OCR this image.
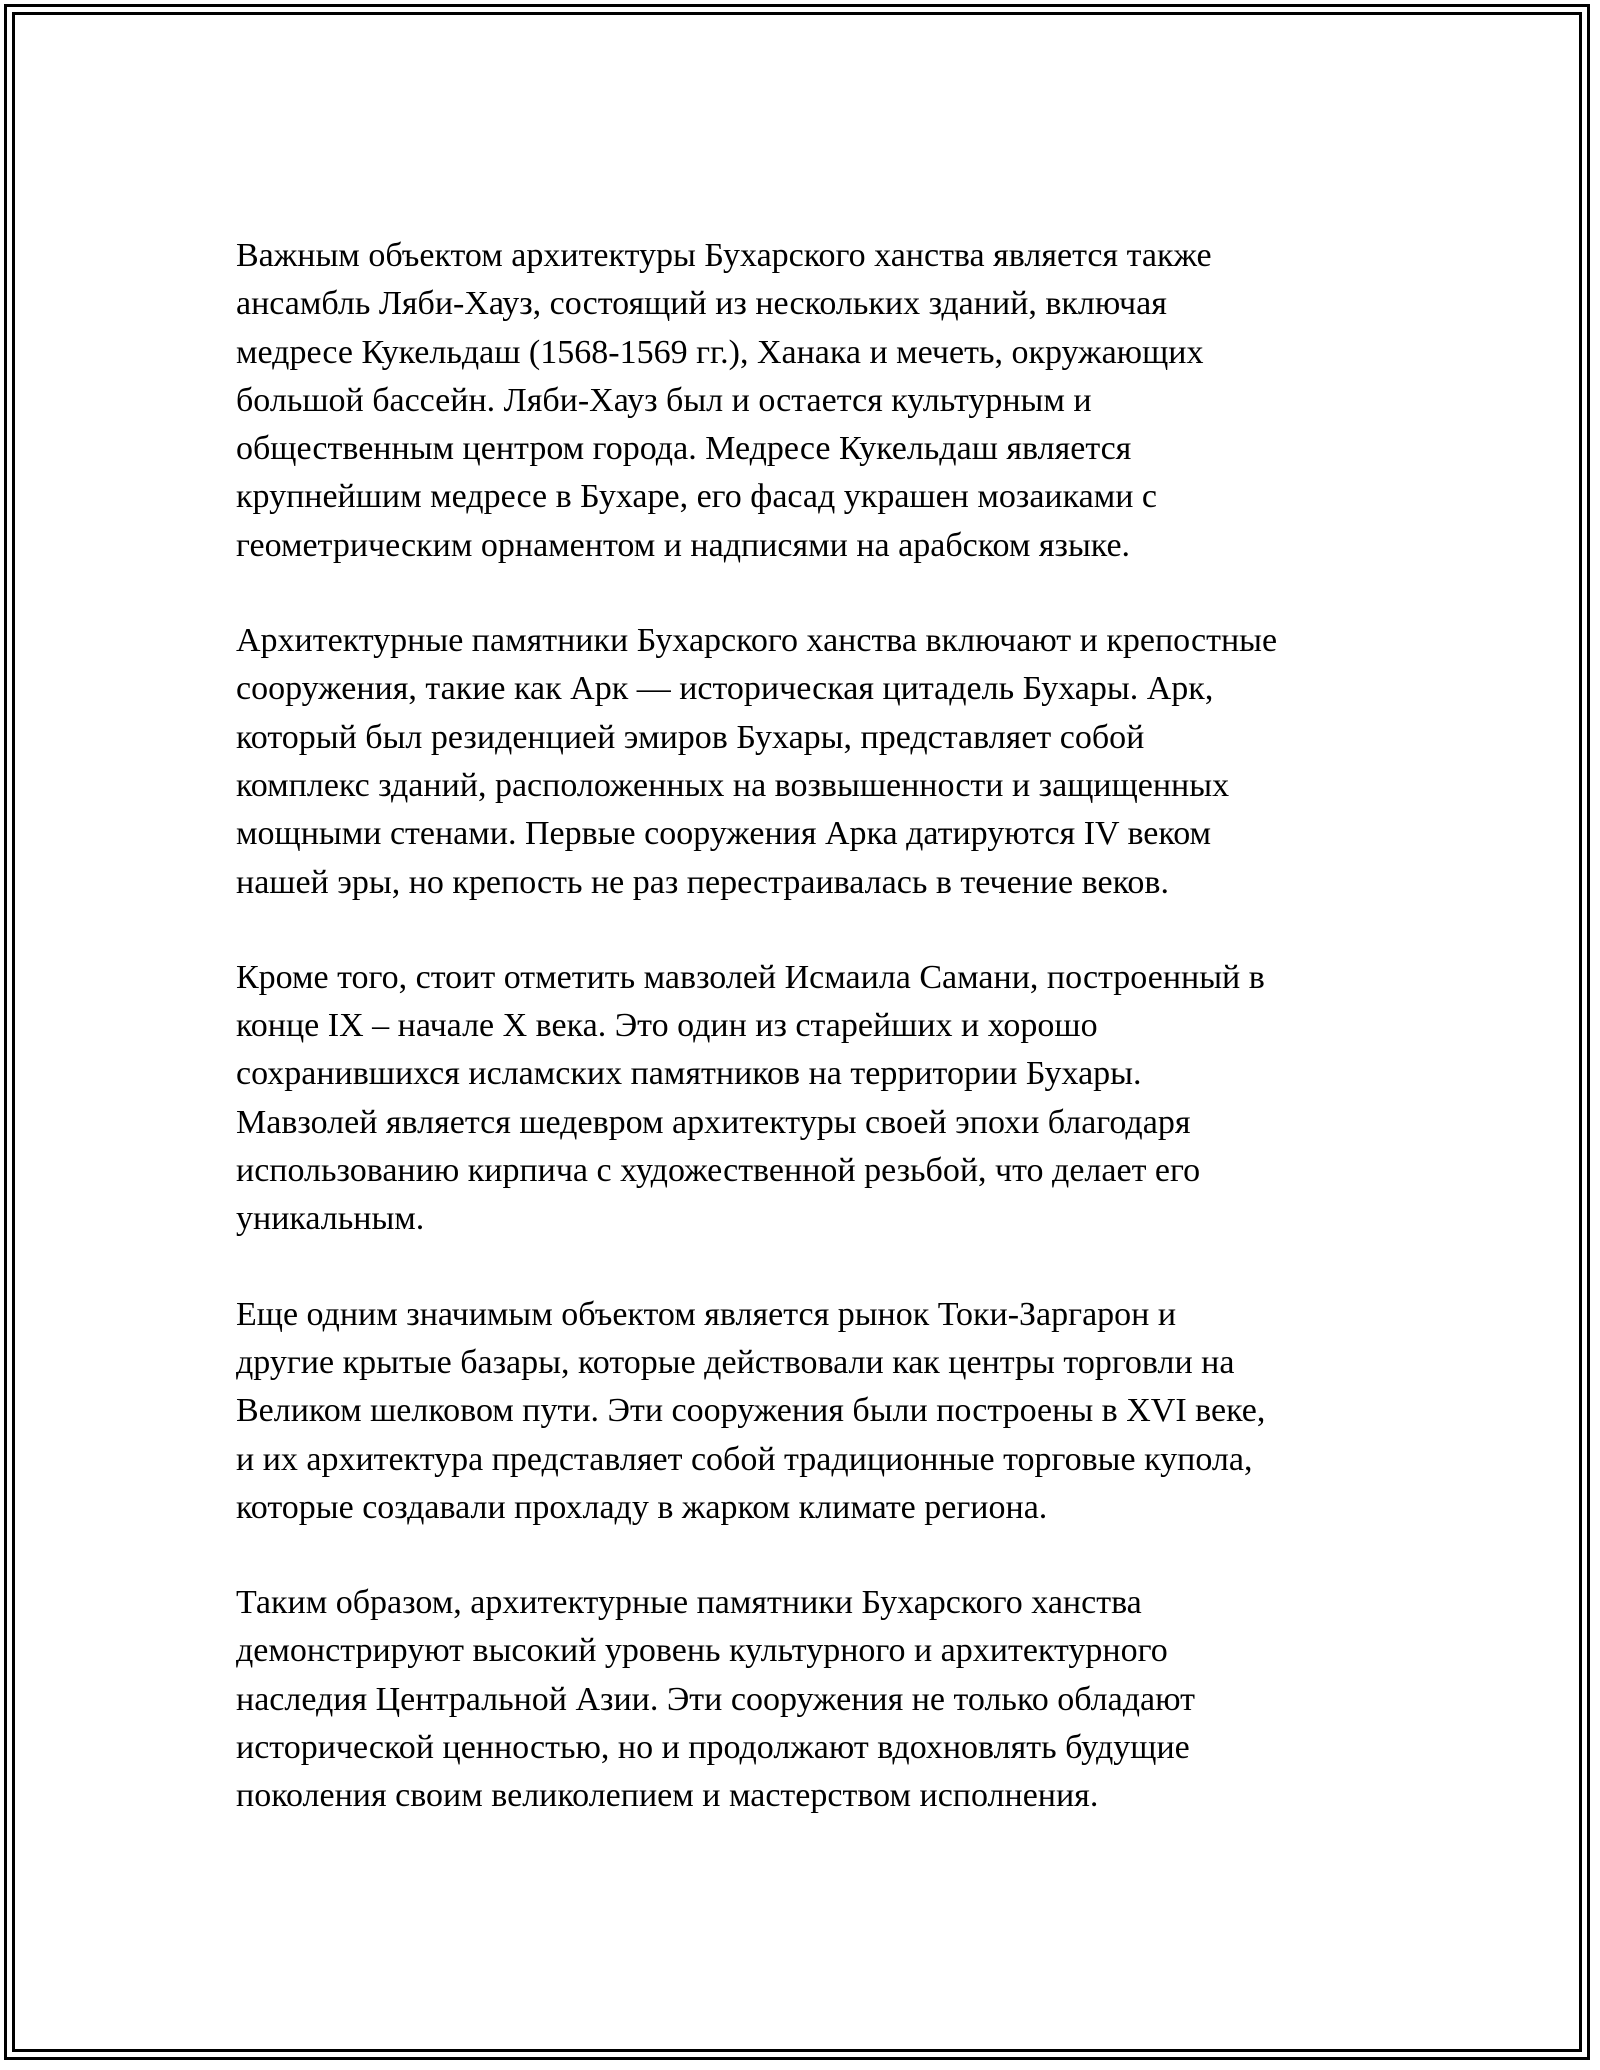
Важным объектом архитектуры Бухарского ханства является также
ансамбль Ляби-Хауз, состоящий из нескольких зданий, включая
медресе Кукельдаш (1568-1569 гг.), Ханака и мечеть, окружающих
большой бассейн. Ляби-Хауз был и остается культурным и
общественным центром города. Медресе Кукельдаш является
крупнейшим медресе в Бухаре, его фасад украшен мозаиками с
геометрическим орнаментом и надписями на арабском языке.

Архитектурные памятники Бухарского ханства включают и крепостные
сооружения, такие как Арк — историческая цитадель Бухары. Арк,
который был резиденцией эмиров Бухары, представляет собой
комплекс зданий, расположенных на возвышенности и защищенных
мощными стенами. Первые сооружения Арка датируются IV веком
нашей эры, но крепость не раз перестраивалась в течение веков.

Кроме того, стоит отметить мавзолей Исмаила Самани, построенный в
конце IX – начале X века. Это один из старейших и хорошо
сохранившихся исламских памятников на территории Бухары.
Мавзолей является шедевром архитектуры своей эпохи благодаря
использованию кирпича с художественной резьбой, что делает его
уникальным.

Еще одним значимым объектом является рынок Токи-Заргарон и
другие крытые базары, которые действовали как центры торговли на
Великом шелковом пути. Эти сооружения были построены в XVI веке,
и их архитектура представляет собой традиционные торговые купола,
которые создавали прохладу в жарком климате региона.

Таким образом, архитектурные памятники Бухарского ханства
демонстрируют высокий уровень культурного и архитектурного
наследия Центральной Азии. Эти сооружения не только обладают
исторической ценностью, но и продолжают вдохновлять будущие
поколения своим великолепием и мастерством исполнения.
